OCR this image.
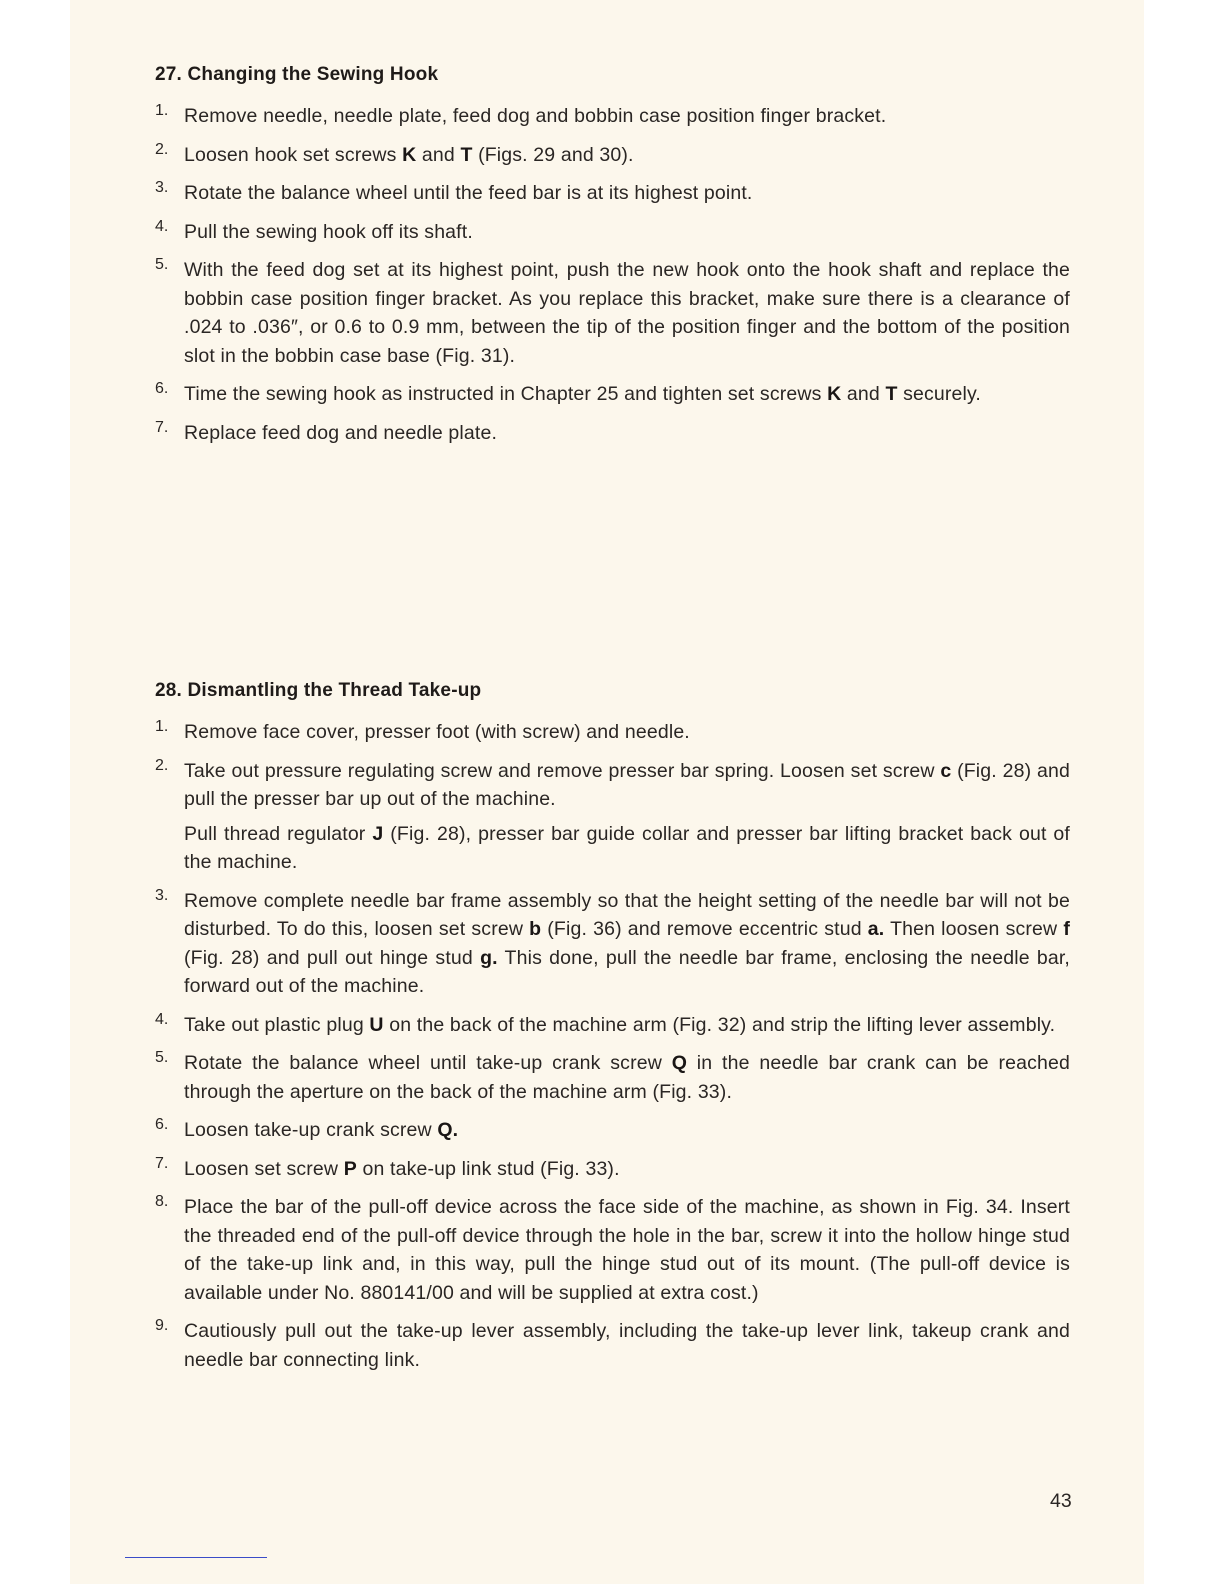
27. Changing the Sewing Hook
1. Remove needle, needle plate, feed dog and bobbin case position finger bracket.

2. Loosen hook set screws K and T (Figs. 29 and 30).

3. Rotate the balance wheel until the feed bar is at its highest point.

4. Pull the sewing hook off its shaft.

5. With the feed dog set at its highest point, push the new hook onto the hook shaft and replace the bobbin case position finger bracket. As you replace this bracket, make sure there is a clearance of .024 to .036″, or 0.6 to 0.9 mm, between the tip of the position finger and the bottom of the position slot in the bobbin case base (Fig. 31).

6. Time the sewing hook as instructed in Chapter 25 and tighten set screws K and T securely.

7. Replace feed dog and needle plate.

28. Dismantling the Thread Take-up
1. Remove face cover, presser foot (with screw) and needle.

2. Take out pressure regulating screw and remove presser bar spring. Loosen set screw c (Fig. 28) and pull the presser bar up out of the machine.

Pull thread regulator J (Fig. 28), presser bar guide collar and presser bar lifting bracket back out of the machine.

3. Remove complete needle bar frame assembly so that the height setting of the needle bar will not be disturbed. To do this, loosen set screw b (Fig. 36) and remove eccentric stud a. Then loosen screw f (Fig. 28) and pull out hinge stud g. This done, pull the needle bar frame, enclosing the needle bar, forward out of the machine.

4. Take out plastic plug U on the back of the machine arm (Fig. 32) and strip the lifting lever assembly.

5. Rotate the balance wheel until take-up crank screw Q in the needle bar crank can be reached through the aperture on the back of the machine arm (Fig. 33).

6. Loosen take-up crank screw Q.

7. Loosen set screw P on take-up link stud (Fig. 33).

8. Place the bar of the pull-off device across the face side of the machine, as shown in Fig. 34. Insert the threaded end of the pull-off device through the hole in the bar, screw it into the hollow hinge stud of the take-up link and, in this way, pull the hinge stud out of its mount. (The pull-off device is available under No. 880141/00 and will be supplied at extra cost.)

9. Cautiously pull out the take-up lever assembly, including the take-up lever link, takeup crank and needle bar connecting link.

43
